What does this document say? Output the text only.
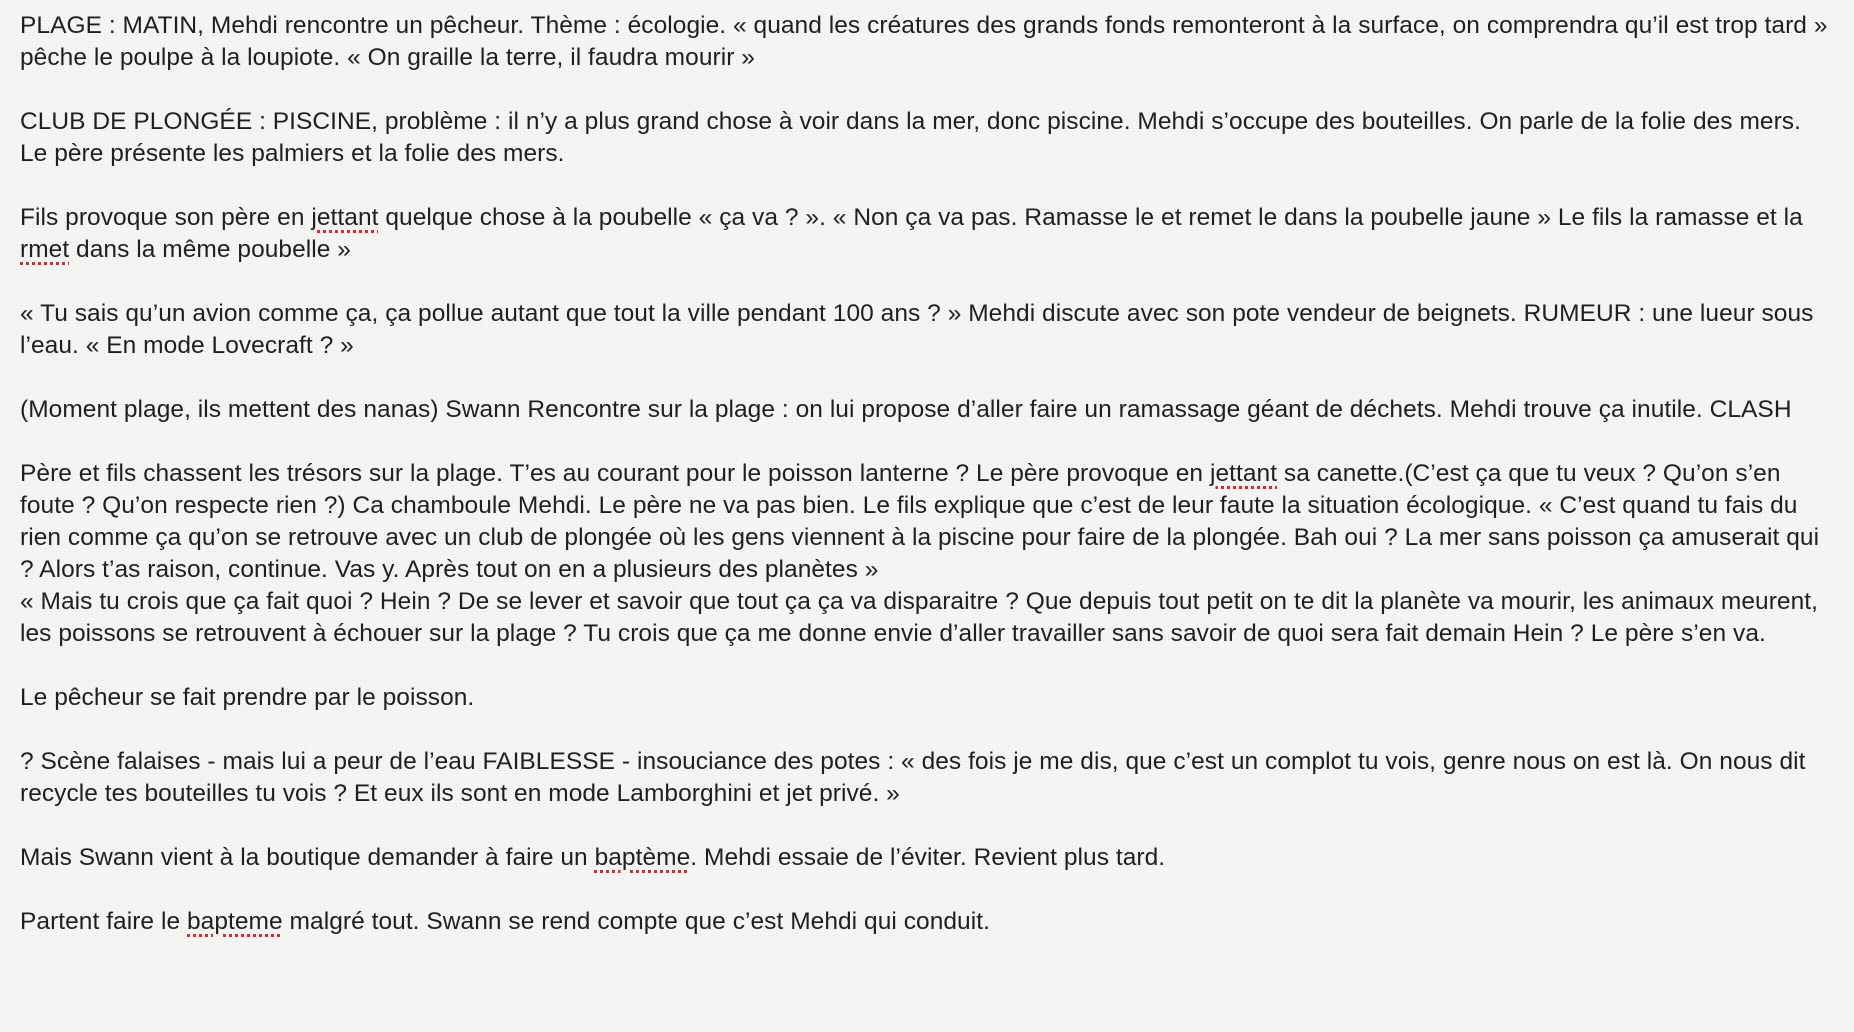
PLAGE : MATIN, Mehdi rencontre un pêcheur. Thème : écologie. « quand les créatures des grands fonds remonteront à la surface, on comprendra qu’il est trop tard » pêche le poulpe à la loupiote. « On graille la terre, il faudra mourir »

CLUB DE PLONGÉE : PISCINE, problème : il n’y a plus grand chose à voir dans la mer, donc piscine. Mehdi s’occupe des bouteilles. On parle de la folie des mers. Le père présente les palmiers et la folie des mers.

Fils provoque son père en jettant quelque chose à la poubelle « ça va ? ». « Non ça va pas. Ramasse le et remet le dans la poubelle jaune » Le fils la ramasse et la rmet dans la même poubelle »

« Tu sais qu’un avion comme ça, ça pollue autant que tout la ville pendant 100 ans ? » Mehdi discute avec son pote vendeur de beignets. RUMEUR : une lueur sous l’eau. « En mode Lovecraft ? »

(Moment plage, ils mettent des nanas) Swann Rencontre sur la plage : on lui propose d’aller faire un ramassage géant de déchets. Mehdi trouve ça inutile. CLASH

Père et fils chassent les trésors sur la plage. T’es au courant pour le poisson lanterne ? Le père provoque en jettant sa canette.(C’est ça que tu veux ? Qu’on s’en foute ? Qu’on respecte rien ?) Ca chamboule Mehdi. Le père ne va pas bien. Le fils explique que c’est de leur faute la situation écologique. « C’est quand tu fais du rien comme ça qu’on se retrouve avec un club de plongée où les gens viennent à la piscine pour faire de la plongée. Bah oui ? La mer sans poisson ça amuserait qui ? Alors t’as raison, continue. Vas y. Après tout on en a plusieurs des planètes »

« Mais tu crois que ça fait quoi ? Hein ? De se lever et savoir que tout ça ça va disparaitre ? Que depuis tout petit on te dit la planète va mourir, les animaux meurent, les poissons se retrouvent à échouer sur la plage ? Tu crois que ça me donne envie d’aller travailler sans savoir de quoi sera fait demain Hein ? Le père s’en va.

Le pêcheur se fait prendre par le poisson.

? Scène falaises - mais lui a peur de l’eau FAIBLESSE - insouciance des potes : « des fois je me dis, que c’est un complot tu vois, genre nous on est là. On nous dit recycle tes bouteilles tu vois ? Et eux ils sont en mode Lamborghini et jet privé. »

Mais Swann vient à la boutique demander à faire un baptème. Mehdi essaie de l’éviter. Revient plus tard.

Partent faire le bapteme malgré tout. Swann se rend compte que c’est Mehdi qui conduit.
